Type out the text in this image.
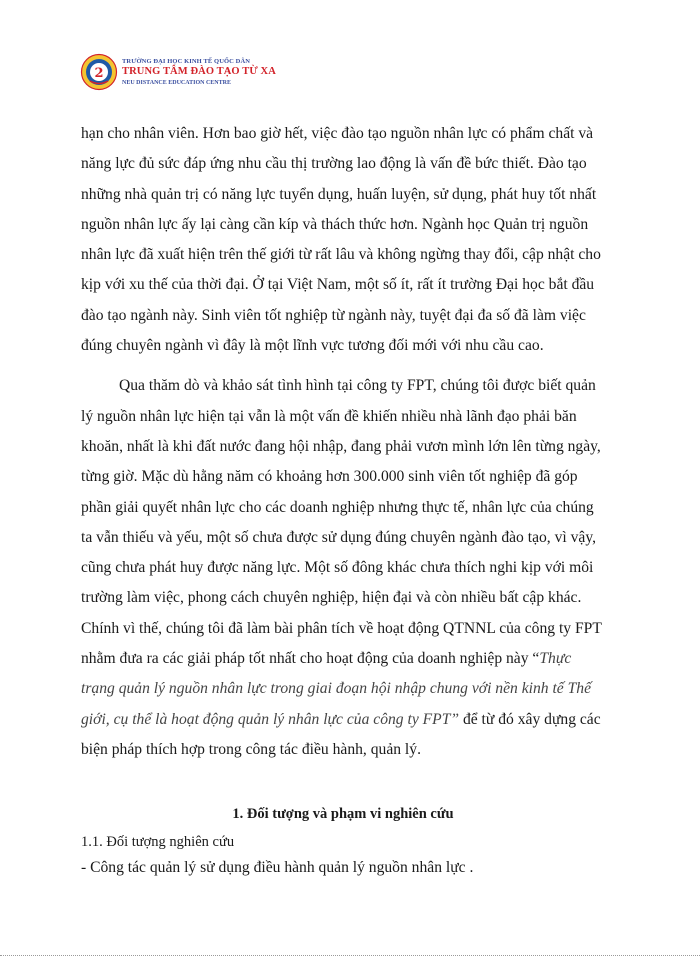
2
TRƯỜNG ĐẠI HỌC KINH TẾ QUỐC DÂN
TRUNG TÂM ĐÀO TẠO TỪ XA
NEU DISTANCE EDUCATION CENTRE

hạn cho nhân viên. Hơn bao giờ hết, việc đào tạo nguồn nhân lực có phẩm chất và năng lực đủ sức đáp ứng nhu cầu thị trường lao động là vấn đề bức thiết. Đào tạo những nhà quản trị có năng lực tuyển dụng, huấn luyện, sử dụng, phát huy tốt nhất nguồn nhân lực ấy lại càng cần kíp và thách thức hơn. Ngành học Quản trị nguồn nhân lực đã xuất hiện trên thế giới từ rất lâu và không ngừng thay đổi, cập nhật cho kịp với xu thế của thời đại. Ở tại Việt Nam, một số ít, rất ít trường Đại học bắt đầu đào tạo ngành này. Sinh viên tốt nghiệp từ ngành này, tuyệt đại đa số đã làm việc đúng chuyên ngành vì đây là một lĩnh vực tương đối mới với nhu cầu cao.

Qua thăm dò và khảo sát tình hình tại công ty FPT, chúng tôi được biết quản lý nguồn nhân lực hiện tại vẫn là một vấn đề khiến nhiều nhà lãnh đạo phải băn khoăn, nhất là khi đất nước đang hội nhập, đang phải vươn mình lớn lên từng ngày, từng giờ. Mặc dù hằng năm có khoảng hơn 300.000 sinh viên tốt nghiệp đã góp phần giải quyết nhân lực cho các doanh nghiệp nhưng thực tế, nhân lực của chúng ta vẫn thiếu và yếu, một số chưa được sử dụng đúng chuyên ngành đào tạo, vì vậy, cũng chưa phát huy được năng lực. Một số đông khác chưa thích nghi kịp với môi trường làm việc, phong cách chuyên nghiệp, hiện đại và còn nhiều bất cập khác. Chính vì thế, chúng tôi đã làm bài phân tích về hoạt động QTNNL của công ty FPT nhằm đưa ra các giải pháp tốt nhất cho hoạt động của doanh nghiệp này “Thực trạng quản lý nguồn nhân lực trong giai đoạn hội nhập chung với nền kinh tế Thế giới, cụ thể là hoạt động quản lý nhân lực của công ty FPT” để từ đó xây dựng các biện pháp thích hợp trong công tác điều hành, quản lý.

1. Đối tượng và phạm vi nghiên cứu

1.1. Đối tượng nghiên cứu

- Công tác quản lý sử dụng điều hành quản lý nguồn nhân lực .
